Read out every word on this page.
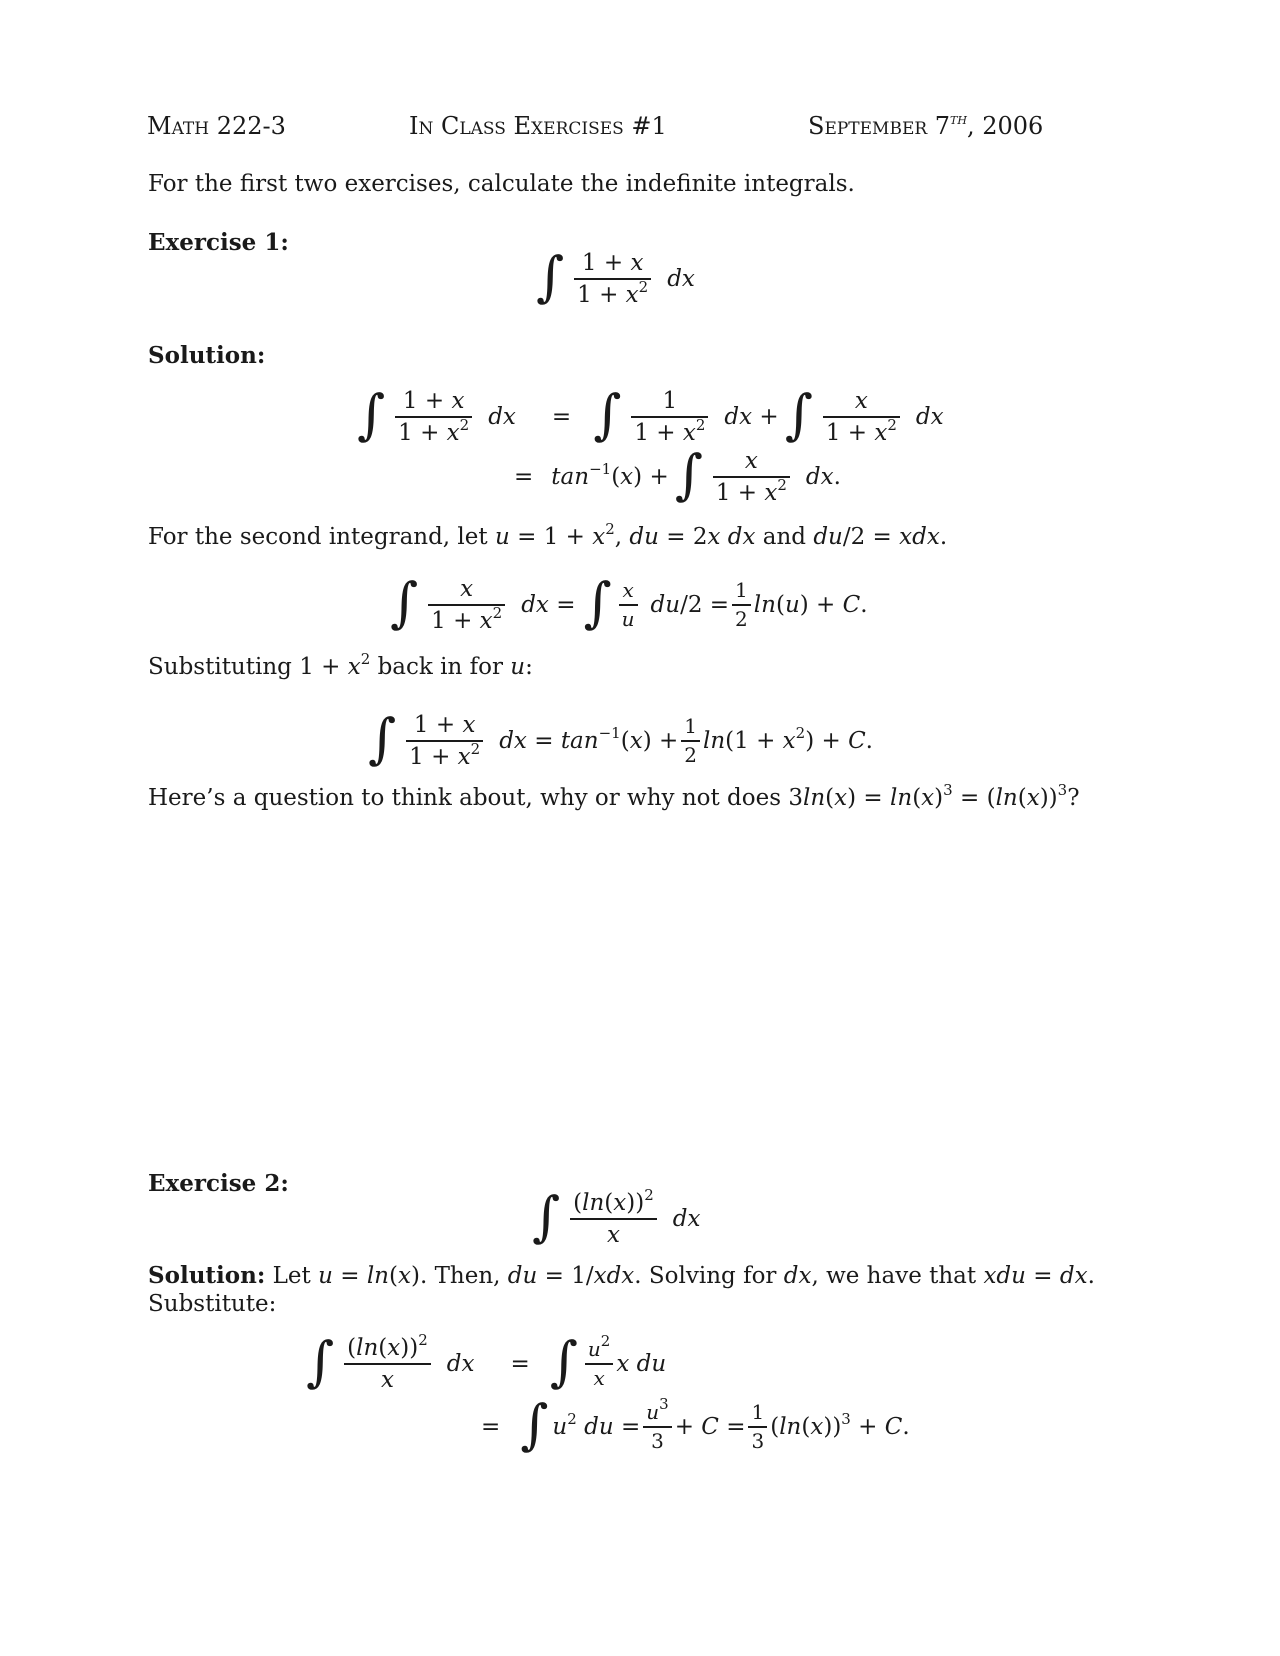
Math 222-3	In Class Exercises #1	September 7th, 2006
For the first two exercises, calculate the indefinite integrals.
Exercise 1:
∫ $\frac{1 + x}{1 + x^2}$ dx
Solution:
∫ $\frac{1 + x}{1 + x^2}$ dx = ∫ $\frac{1}{1 + x^2}$ dx + ∫ $\frac{x}{1 + x^2}$ dx
= $\tan^{-1}(x)$ + ∫ $\frac{x}{1 + x^2}$ dx.
For the second integrand, let $u = 1 + x^2$, du = 2x dx and du/2 = xdx.
∫ $\frac{x}{1 + x^2}$ dx = ∫ $\frac{x}{u} du/2 = \frac{1}{2} \ln(u) + C$.
Substituting $1 + x^2$ back in for u:
∫ $\frac{1 + x}{1 + x^2}$ dx = $\tan^{-1}(x) + \frac{1}{2} \ln(1 + x^2) + C$.
Here’s a question to think about, why or why not does $3\ln(x) = \ln(x)^3 = (\ln(x))^3$?
Exercise 2:
∫ $\frac{(\ln(x))^2}{x}$ dx
Solution: Let u = ln(x). Then, du = 1/xdx. Solving for dx, we have that xdu = dx.
Substitute:
∫ $\frac{(\ln(x))^2}{x}$ dx = ∫ $\frac{u^2}{x}$ x du
= ∫ $u^2$ du = $\frac{u^3}{3} + C = \frac{1}{3} (\ln(x))^3 + C$.
